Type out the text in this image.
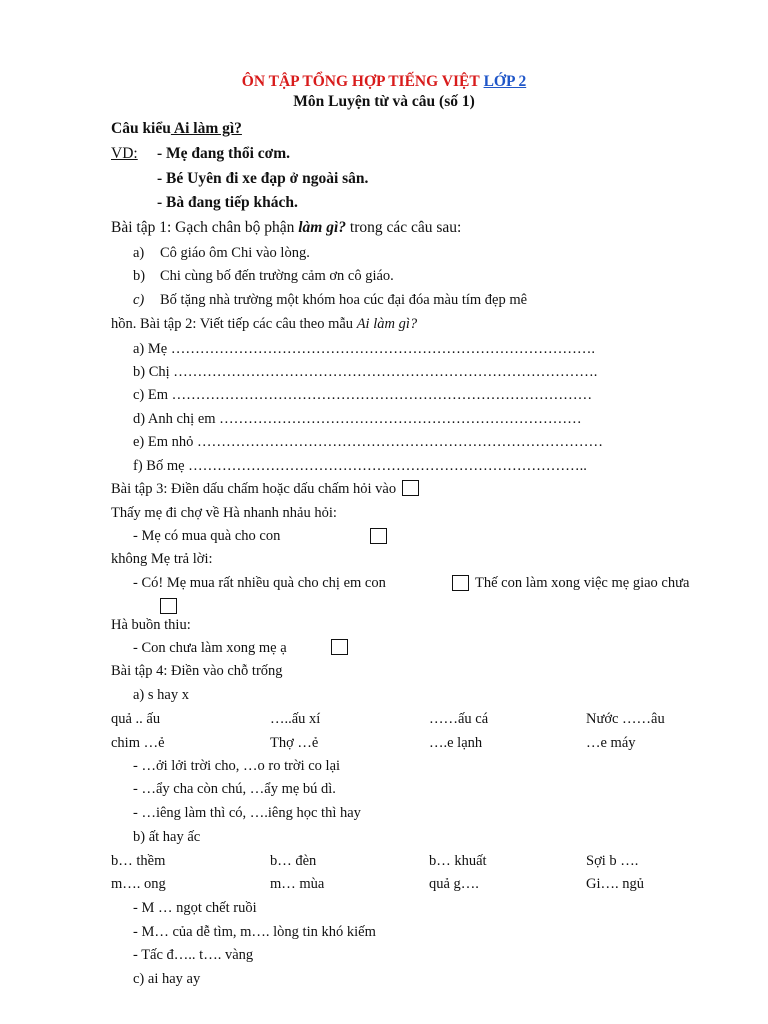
ÔN TẬP TỔNG HỢP TIẾNG VIỆT LỚP 2
Môn Luyện từ và câu (số 1)
Câu kiểu Ai làm gì?
VD: - Mẹ đang thổi cơm.
- Bé Uyên đi xe đạp ở ngoài sân.
- Bà đang tiếp khách.
Bài tập 1: Gạch chân bộ phận làm gì? trong các câu sau:
a) Cô giáo ôm Chi vào lòng.
b) Chi cùng bố đến trường cảm ơn cô giáo.
c) Bố tặng nhà trường một khóm hoa cúc đại đóa màu tím đẹp mê
hồn. Bài tập 2: Viết tiếp các câu theo mẫu Ai làm gì?
a) Mẹ …………………………………………………………………………….
b) Chị …………………………………………………………………………….
c) Em ……………………………………………………………………………
d) Anh chị em …………………………………………………………………
e) Em nhỏ …………………………………………………………………………
f) Bố mẹ ………………………………………………………………………..
Bài tập 3: Điền dấu chấm hoặc dấu chấm hỏi vào
Thấy mẹ đi chợ về Hà nhanh nhảu hỏi:
- Mẹ có mua quà cho con
không Mẹ trả lời:
- Có! Mẹ mua rất nhiều quà cho chị em con	Thế con làm xong việc mẹ giao chưa
Hà buồn thiu:
- Con chưa làm xong mẹ ạ
Bài tập 4: Điền vào chỗ trống
a) s hay x
quả .. ấu	…..ấu xí	……ấu cá	Nước ……âu
chim …ẻ	Thợ …ẻ	….e lạnh	…e máy
- …ởi lởi trời cho, …o ro trời co lại
- …ẩy cha còn chú, …ẩy mẹ bú dì.
- …iêng làm thì có, ….iêng học thì hay
b) ất hay ấc
b… thềm	b… đèn	b… khuất	Sợi b ….
m…. ong	m… mùa	quả g….	Gi…. ngủ
- M … ngọt chết ruồi
- M… của dễ tìm, m…. lòng tin khó kiếm
- Tấc đ….. t…. vàng
c) ai hay ay
